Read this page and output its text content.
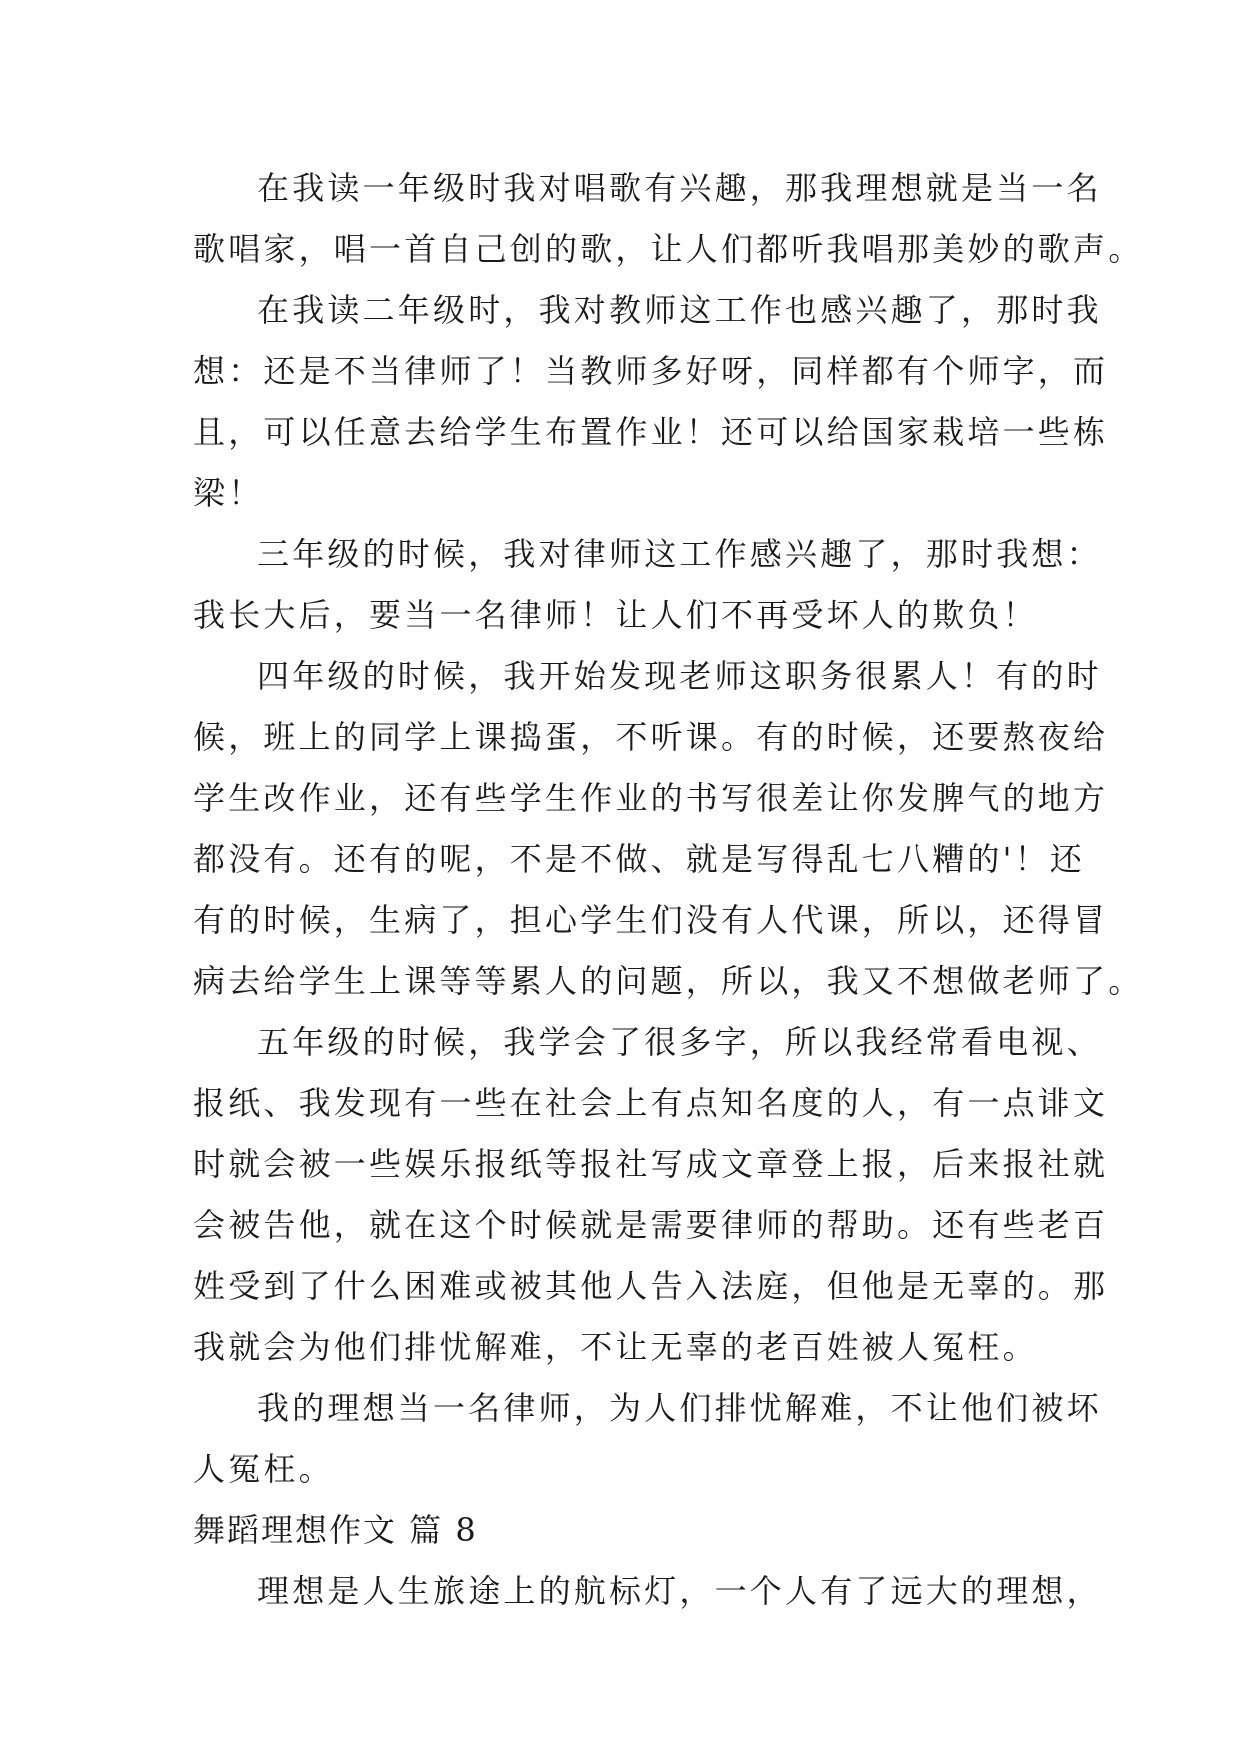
在我读一年级时我对唱歌有兴趣，那我理想就是当一名
歌唱家，唱一首自己创的歌，让人们都听我唱那美妙的歌声。
在我读二年级时，我对教师这工作也感兴趣了，那时我
想：还是不当律师了！当教师多好呀，同样都有个师字，而
且，可以任意去给学生布置作业！还可以给国家栽培一些栋
梁！
三年级的时候，我对律师这工作感兴趣了，那时我想：
我长大后，要当一名律师！让人们不再受坏人的欺负！
四年级的时候，我开始发现老师这职务很累人！有的时
候，班上的同学上课捣蛋，不听课。有的时候，还要熬夜给
学生改作业，还有些学生作业的书写很差让你发脾气的地方
都没有。还有的呢，不是不做、就是写得乱七八糟的'！还
有的时候，生病了，担心学生们没有人代课，所以，还得冒
病去给学生上课等等累人的问题，所以，我又不想做老师了。
五年级的时候，我学会了很多字，所以我经常看电视、
报纸、我发现有一些在社会上有点知名度的人，有一点诽文
时就会被一些娱乐报纸等报社写成文章登上报，后来报社就
会被告他，就在这个时候就是需要律师的帮助。还有些老百
姓受到了什么困难或被其他人告入法庭，但他是无辜的。那
我就会为他们排忧解难，不让无辜的老百姓被人冤枉。
我的理想当一名律师，为人们排忧解难，不让他们被坏
人冤枉。
舞蹈理想作文 篇 8
理想是人生旅途上的航标灯，一个人有了远大的理想，
